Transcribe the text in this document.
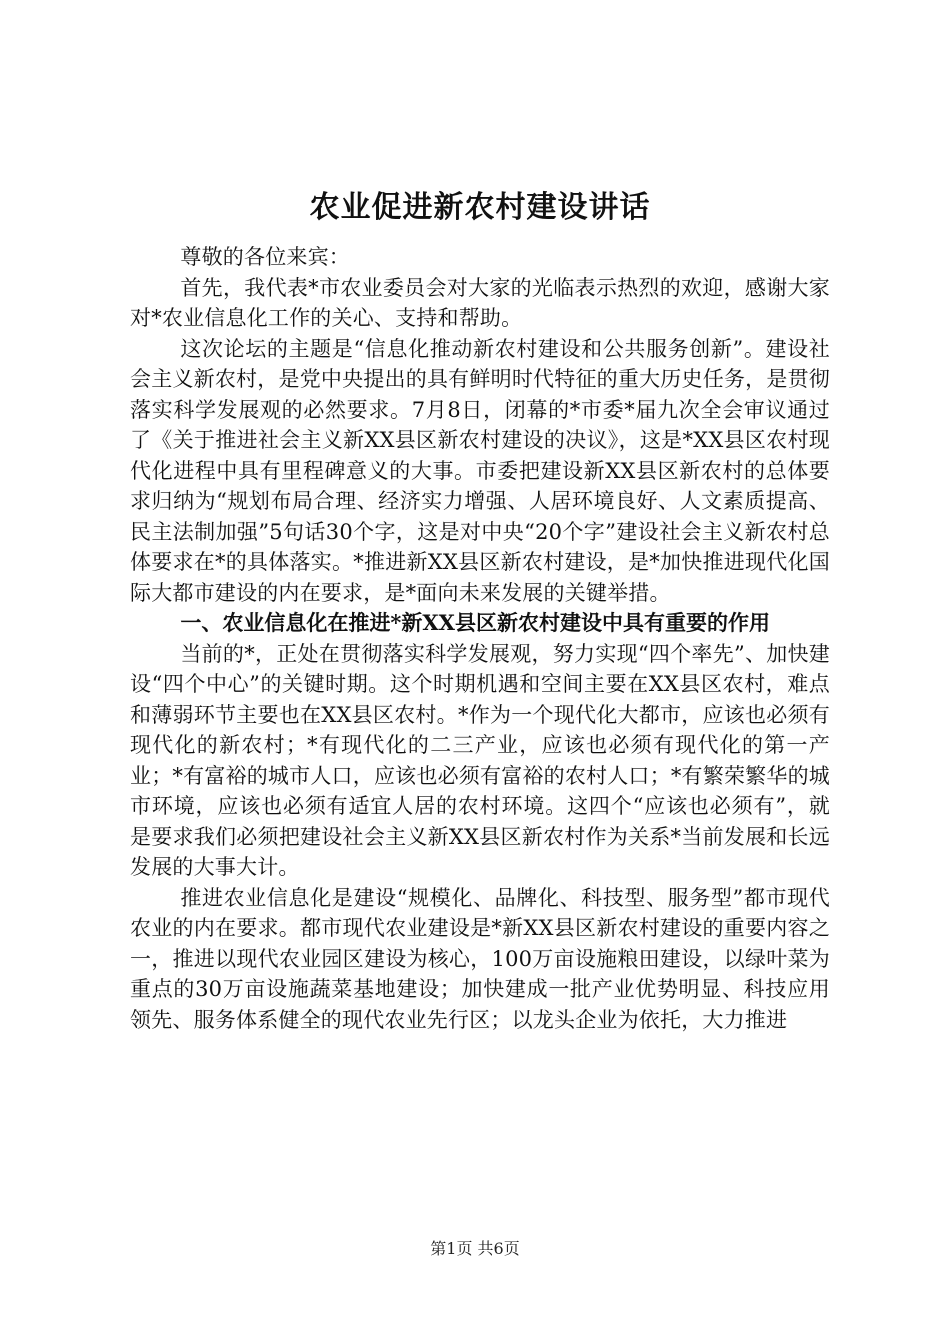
农业促进新农村建设讲话

尊敬的各位来宾：

首先，我代表*市农业委员会对大家的光临表示热烈的欢迎，感谢大家对*农业信息化工作的关心、支持和帮助。

这次论坛的主题是“信息化推动新农村建设和公共服务创新”。建设社会主义新农村，是党中央提出的具有鲜明时代特征的重大历史任务，是贯彻落实科学发展观的必然要求。7月8日，闭幕的*市委*届九次全会审议通过了《关于推进社会主义新XX县区新农村建设的决议》，这是*XX县区农村现代化进程中具有里程碑意义的大事。市委把建设新XX县区新农村的总体要求归纳为“规划布局合理、经济实力增强、人居环境良好、人文素质提高、民主法制加强”5句话30个字，这是对中央“20个字”建设社会主义新农村总体要求在*的具体落实。*推进新XX县区新农村建设，是*加快推进现代化国际大都市建设的内在要求，是*面向未来发展的关键举措。

一、农业信息化在推进*新XX县区新农村建设中具有重要的作用

当前的*，正处在贯彻落实科学发展观，努力实现“四个率先”、加快建设“四个中心”的关键时期。这个时期机遇和空间主要在XX县区农村，难点和薄弱环节主要也在XX县区农村。*作为一个现代化大都市，应该也必须有现代化的新农村；*有现代化的二三产业，应该也必须有现代化的第一产业；*有富裕的城市人口，应该也必须有富裕的农村人口；*有繁荣繁华的城市环境，应该也必须有适宜人居的农村环境。这四个“应该也必须有”，就是要求我们必须把建设社会主义新XX县区新农村作为关系*当前发展和长远发展的大事大计。

推进农业信息化是建设“规模化、品牌化、科技型、服务型”都市现代农业的内在要求。都市现代农业建设是*新XX县区新农村建设的重要内容之一，推进以现代农业园区建设为核心，100万亩设施粮田建设，以绿叶菜为重点的30万亩设施蔬菜基地建设；加快建成一批产业优势明显、科技应用领先、服务体系健全的现代农业先行区；以龙头企业为依托，大力推进

第1页 共6页
